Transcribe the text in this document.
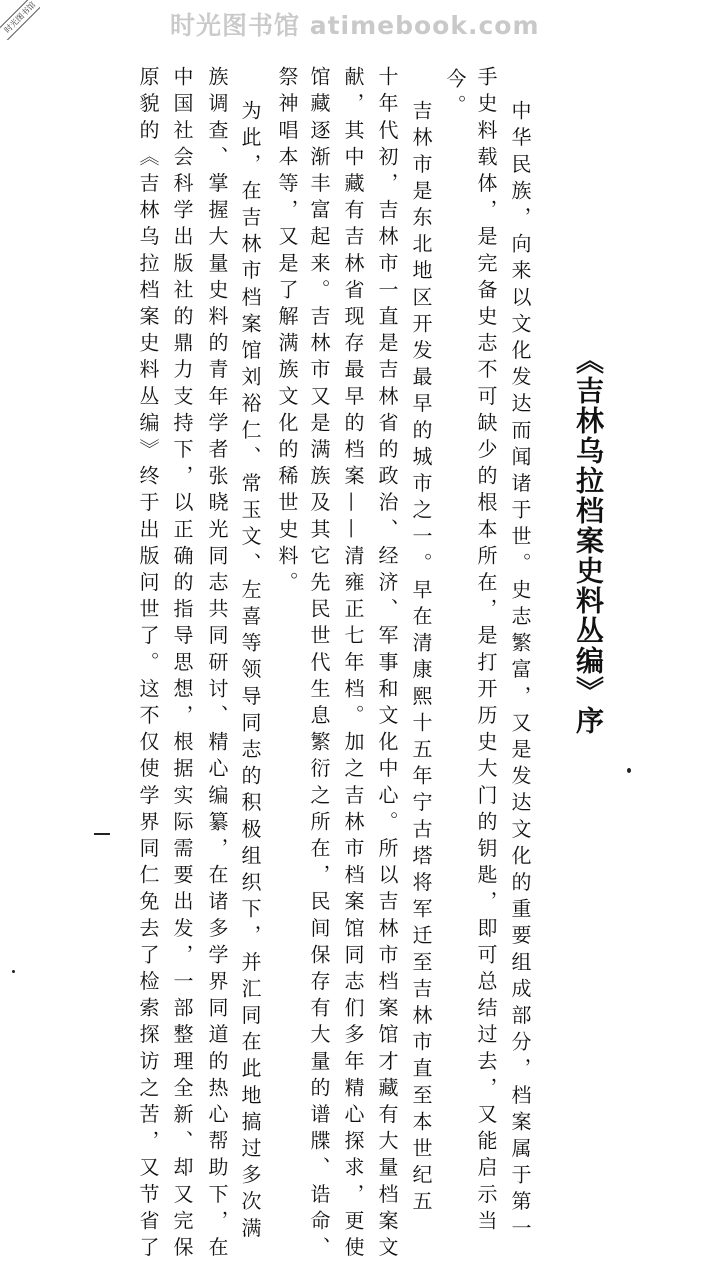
时光图书馆 atimebook.com
时光图书馆
《吉林乌拉档案史料丛编》序
中华民族，向来以文化发达而闻诸于世。史志繁富，又是发达文化的重要组成部分，档案属于第一
手史料载体，是完备史志不可缺少的根本所在，是打开历史大门的钥匙，即可总结过去，又能启示当
今。
吉林市是东北地区开发最早的城市之一。早在清康熙十五年宁古塔将军迁至吉林市直至本世纪五
十年代初，吉林市一直是吉林省的政治、经济、军事和文化中心。所以吉林市档案馆才藏有大量档案文
献，其中藏有吉林省现存最早的档案——清雍正七年档。加之吉林市档案馆同志们多年精心探求，更使
馆藏逐渐丰富起来。吉林市又是满族及其它先民世代生息繁衍之所在，民间保存有大量的谱牒、诰命、
祭神唱本等，又是了解满族文化的稀世史料。
为此，在吉林市档案馆刘裕仁、常玉文、左喜等领导同志的积极组织下，并汇同在此地搞过多次满
族调查、掌握大量史料的青年学者张晓光同志共同研讨、精心编纂，在诸多学界同道的热心帮助下，在
中国社会科学出版社的鼎力支持下，以正确的指导思想，根据实际需要出发，一部整理全新、却又完保
原貌的《吉林乌拉档案史料丛编》终于出版问世了。这不仅使学界同仁免去了检索探访之苦，又节省了
